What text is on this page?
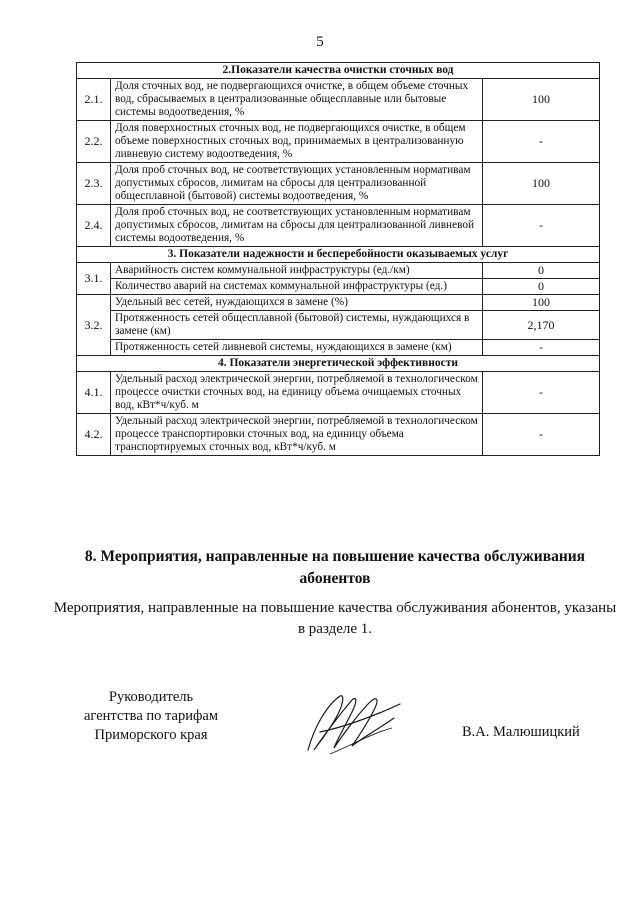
5
2.Показатели качества очистки сточных вод		
2.1.	Доля сточных вод, не подвергающихся очистке, в общем объеме сточных вод, сбрасываемых в централизованные общесплавные или бытовые системы водоотведения, %	100
2.2.	Доля поверхностных сточных вод, не подвергающихся очистке, в общем объеме поверхностных сточных вод, принимаемых в централизованную ливневую систему водоотведения, %	-
2.3.	Доля проб сточных вод, не соответствующих установленным нормативам допустимых сбросов, лимитам на сбросы для централизованной общесплавной (бытовой) системы водоотведения, %	100
2.4.	Доля проб сточных вод, не соответствующих установленным нормативам допустимых сбросов, лимитам на сбросы для централизованной ливневой системы водоотведения, %	-
3. Показатели надежности и бесперебойности оказываемых услуг		
3.1.	Аварийность систем коммунальной инфраструктуры (ед./км)	0
	Количество аварий на системах коммунальной инфраструктуры (ед.)	0
3.2.	Удельный вес сетей, нуждающихся в замене (%)	100
	Протяженность сетей общесплавной (бытовой) системы, нуждающихся в замене (км)	2,170
	Протяженность сетей ливневой системы, нуждающихся в замене (км)	-
4. Показатели энергетической эффективности		
4.1.	Удельный расход электрической энергии, потребляемой в технологическом процессе очистки сточных вод, на единицу объема очищаемых сточных вод, кВт*ч/куб. м	-
4.2.	Удельный расход электрической энергии, потребляемой в технологическом процессе транспортировки сточных вод, на единицу объема транспортируемых сточных вод, кВт*ч/куб. м	-
8. Мероприятия, направленные на повышение качества обслуживания абонентов
Мероприятия, направленные на повышение качества обслуживания абонентов, указаны в разделе 1.
Руководитель
агентства по тарифам
Приморского края	В.А. Малюшицкий
